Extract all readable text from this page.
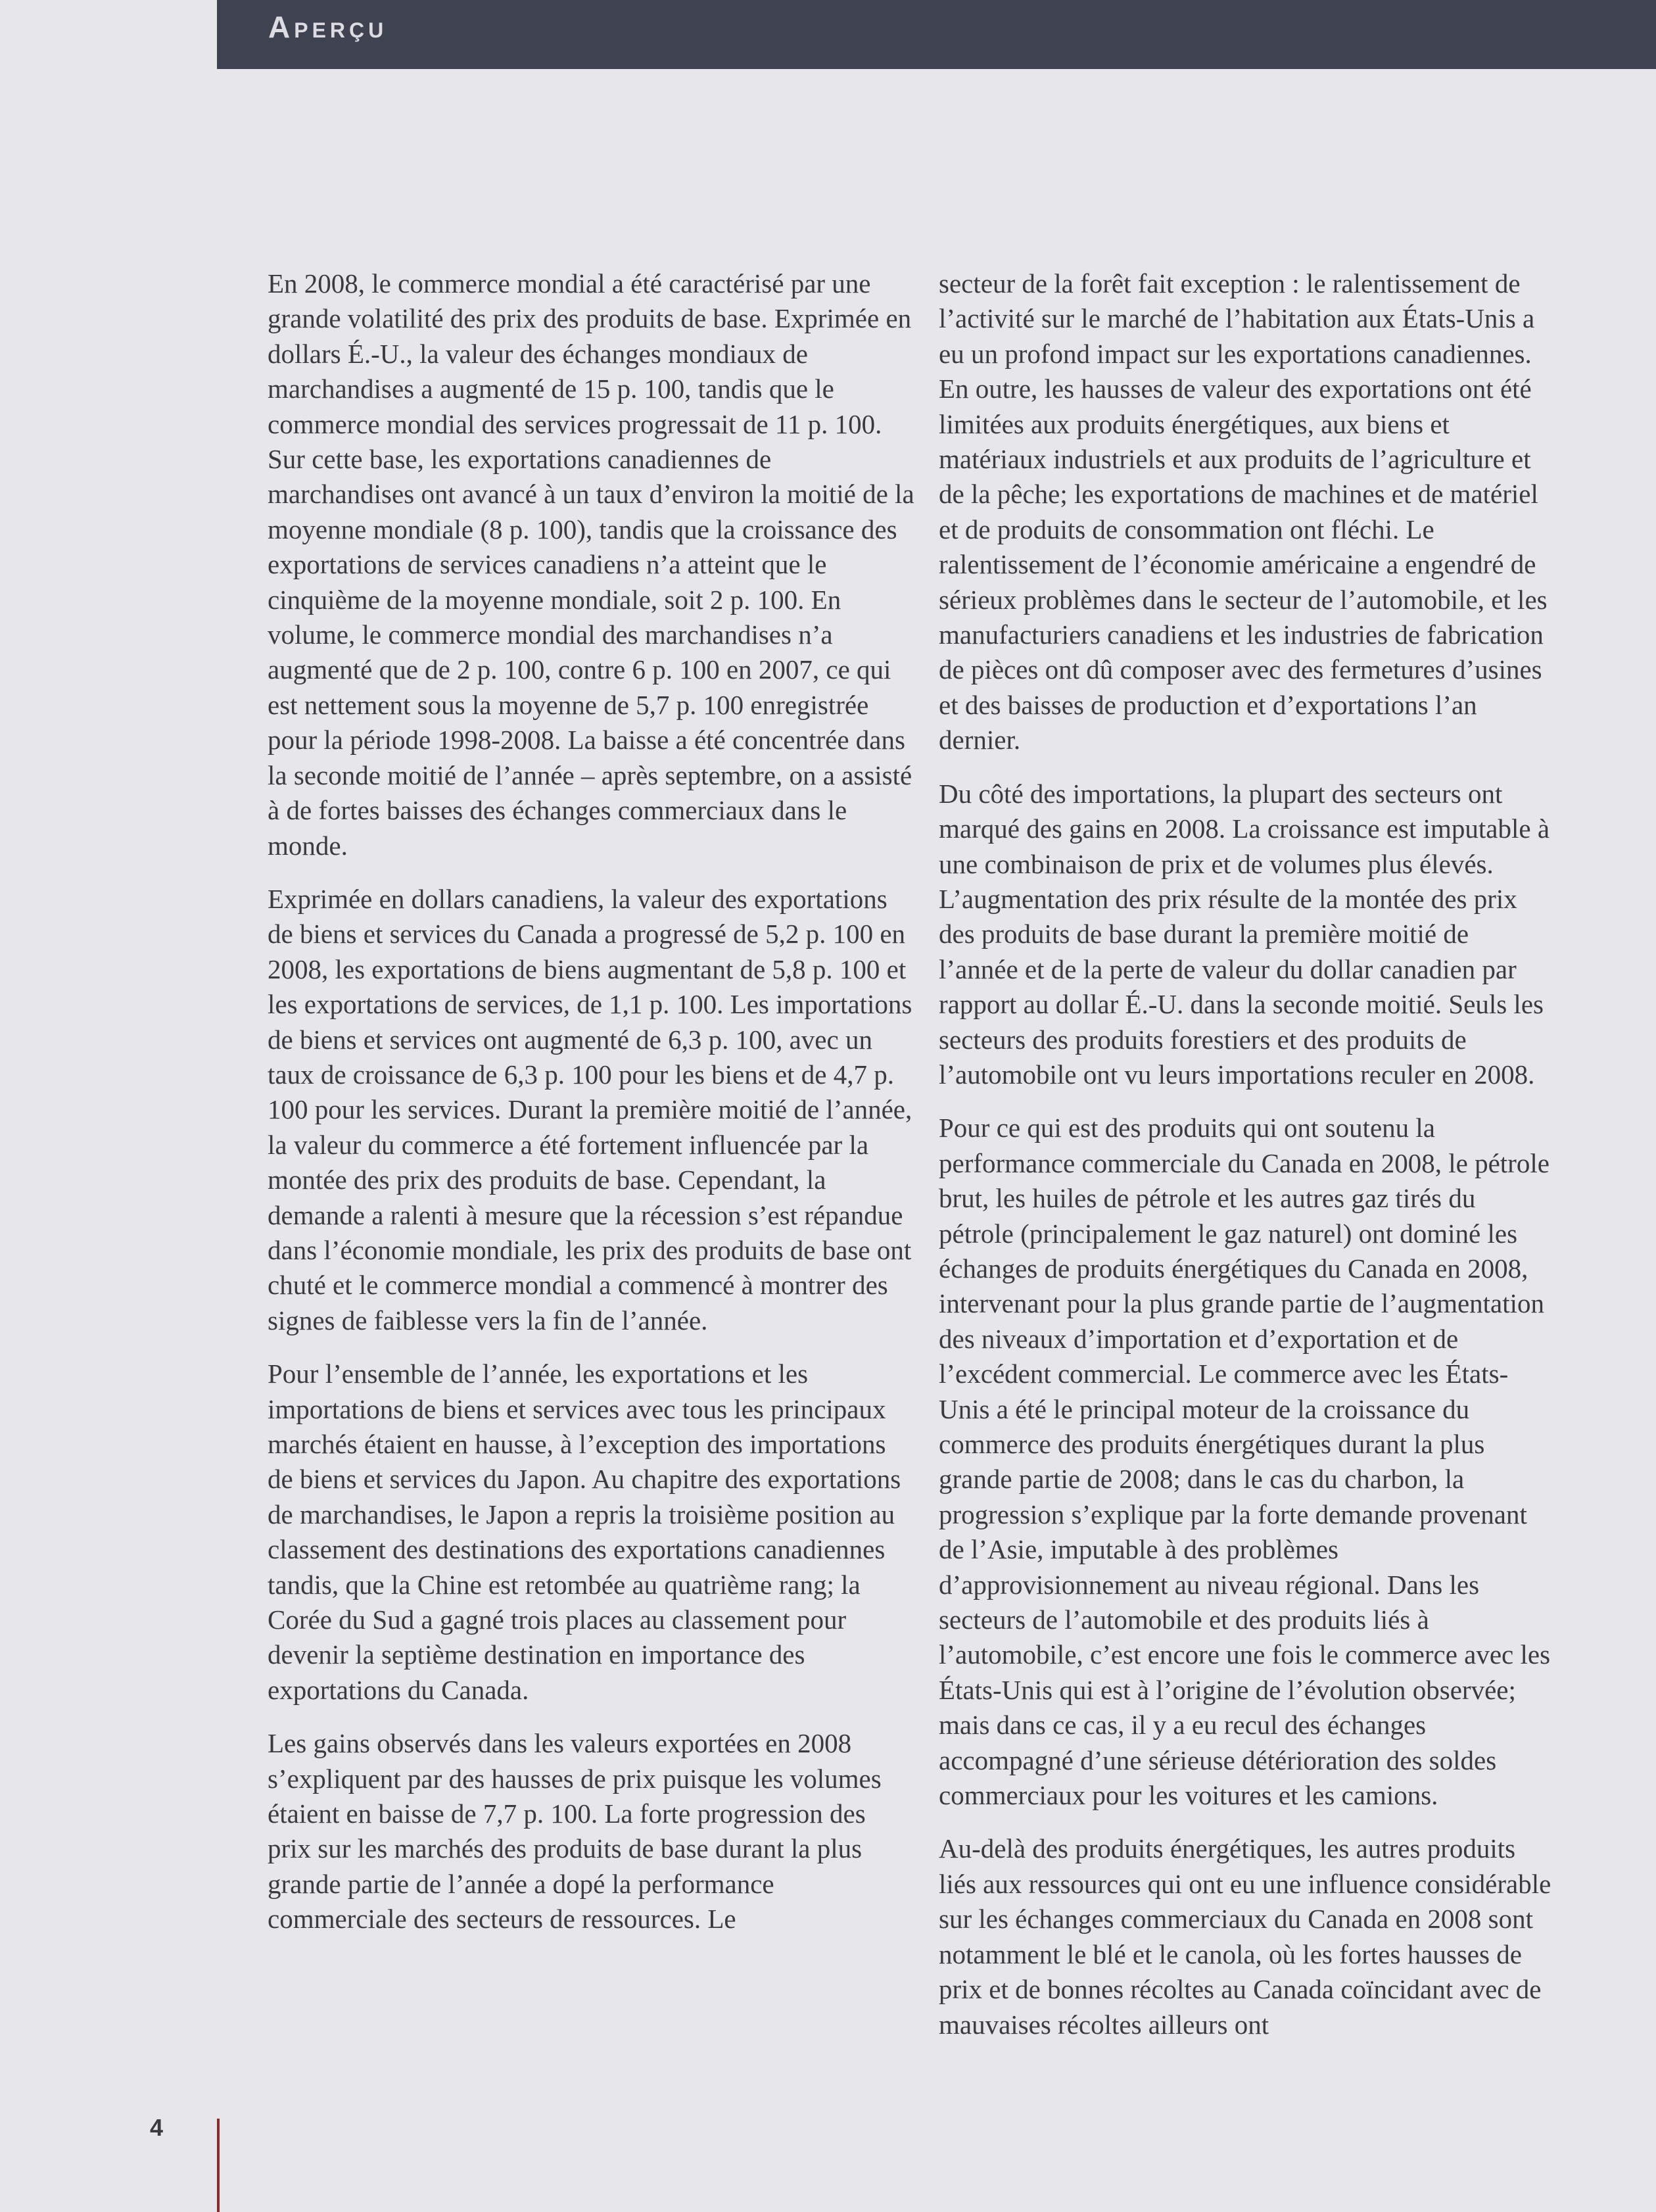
Aperçu

En 2008, le commerce mondial a été caractérisé par une grande volatilité des prix des produits de base. Exprimée en dollars É.-U., la valeur des échanges mondiaux de marchandises a augmenté de 15 p. 100, tandis que le commerce mondial des services progressait de 11 p. 100. Sur cette base, les exportations canadiennes de marchandises ont avancé à un taux d’environ la moitié de la moyenne mondiale (8 p. 100), tandis que la croissance des exportations de services canadiens n’a atteint que le cinquième de la moyenne mondiale, soit 2 p. 100. En volume, le commerce mondial des marchandises n’a augmenté que de 2 p. 100, contre 6 p. 100 en 2007, ce qui est nettement sous la moyenne de 5,7 p. 100 enregistrée pour la période 1998-2008. La baisse a été concentrée dans la seconde moitié de l’année – après septembre, on a assisté à de fortes baisses des échanges commerciaux dans le monde.

Exprimée en dollars canadiens, la valeur des exportations de biens et services du Canada a progressé de 5,2 p. 100 en 2008, les exportations de biens augmentant de 5,8 p. 100 et les exportations de services, de 1,1 p. 100. Les importations de biens et services ont augmenté de 6,3 p. 100, avec un taux de croissance de 6,3 p. 100 pour les biens et de 4,7 p. 100 pour les services. Durant la première moitié de l’année, la valeur du commerce a été fortement influencée par la montée des prix des produits de base. Cependant, la demande a ralenti à mesure que la récession s’est répandue dans l’économie mondiale, les prix des produits de base ont chuté et le commerce mondial a commencé à montrer des signes de faiblesse vers la fin de l’année.

Pour l’ensemble de l’année, les exportations et les importations de biens et services avec tous les principaux marchés étaient en hausse, à l’exception des importations de biens et services du Japon. Au chapitre des exportations de marchandises, le Japon a repris la troisième position au classement des destinations des exportations canadiennes tandis, que la Chine est retombée au quatrième rang; la Corée du Sud a gagné trois places au classement pour devenir la septième destination en importance des exportations du Canada.

Les gains observés dans les valeurs exportées en 2008 s’expliquent par des hausses de prix puisque les volumes étaient en baisse de 7,7 p. 100. La forte progression des prix sur les marchés des produits de base durant la plus grande partie de l’année a dopé la performance commerciale des secteurs de ressources. Le

secteur de la forêt fait exception : le ralentissement de l’activité sur le marché de l’habitation aux États-Unis a eu un profond impact sur les exportations canadiennes. En outre, les hausses de valeur des exportations ont été limitées aux produits énergétiques, aux biens et matériaux industriels et aux produits de l’agriculture et de la pêche; les exportations de machines et de matériel et de produits de consommation ont fléchi. Le ralentissement de l’économie américaine a engendré de sérieux problèmes dans le secteur de l’automobile, et les manufacturiers canadiens et les industries de fabrication de pièces ont dû composer avec des fermetures d’usines et des baisses de production et d’exportations l’an dernier.

Du côté des importations, la plupart des secteurs ont marqué des gains en 2008. La croissance est imputable à une combinaison de prix et de volumes plus élevés. L’augmentation des prix résulte de la montée des prix des produits de base durant la première moitié de l’année et de la perte de valeur du dollar canadien par rapport au dollar É.-U. dans la seconde moitié. Seuls les secteurs des produits forestiers et des produits de l’automobile ont vu leurs importations reculer en 2008.

Pour ce qui est des produits qui ont soutenu la performance commerciale du Canada en 2008, le pétrole brut, les huiles de pétrole et les autres gaz tirés du pétrole (principalement le gaz naturel) ont dominé les échanges de produits énergétiques du Canada en 2008, intervenant pour la plus grande partie de l’augmentation des niveaux d’importation et d’exportation et de l’excédent commercial. Le commerce avec les États-Unis a été le principal moteur de la croissance du commerce des produits énergétiques durant la plus grande partie de 2008; dans le cas du charbon, la progression s’explique par la forte demande provenant de l’Asie, imputable à des problèmes d’approvisionnement au niveau régional. Dans les secteurs de l’automobile et des produits liés à l’automobile, c’est encore une fois le commerce avec les États-Unis qui est à l’origine de l’évolution observée; mais dans ce cas, il y a eu recul des échanges accompagné d’une sérieuse détérioration des soldes commerciaux pour les voitures et les camions.

Au-delà des produits énergétiques, les autres produits liés aux ressources qui ont eu une influence considérable sur les échanges commerciaux du Canada en 2008 sont notamment le blé et le canola, où les fortes hausses de prix et de bonnes récoltes au Canada coïncidant avec de mauvaises récoltes ailleurs ont

4
